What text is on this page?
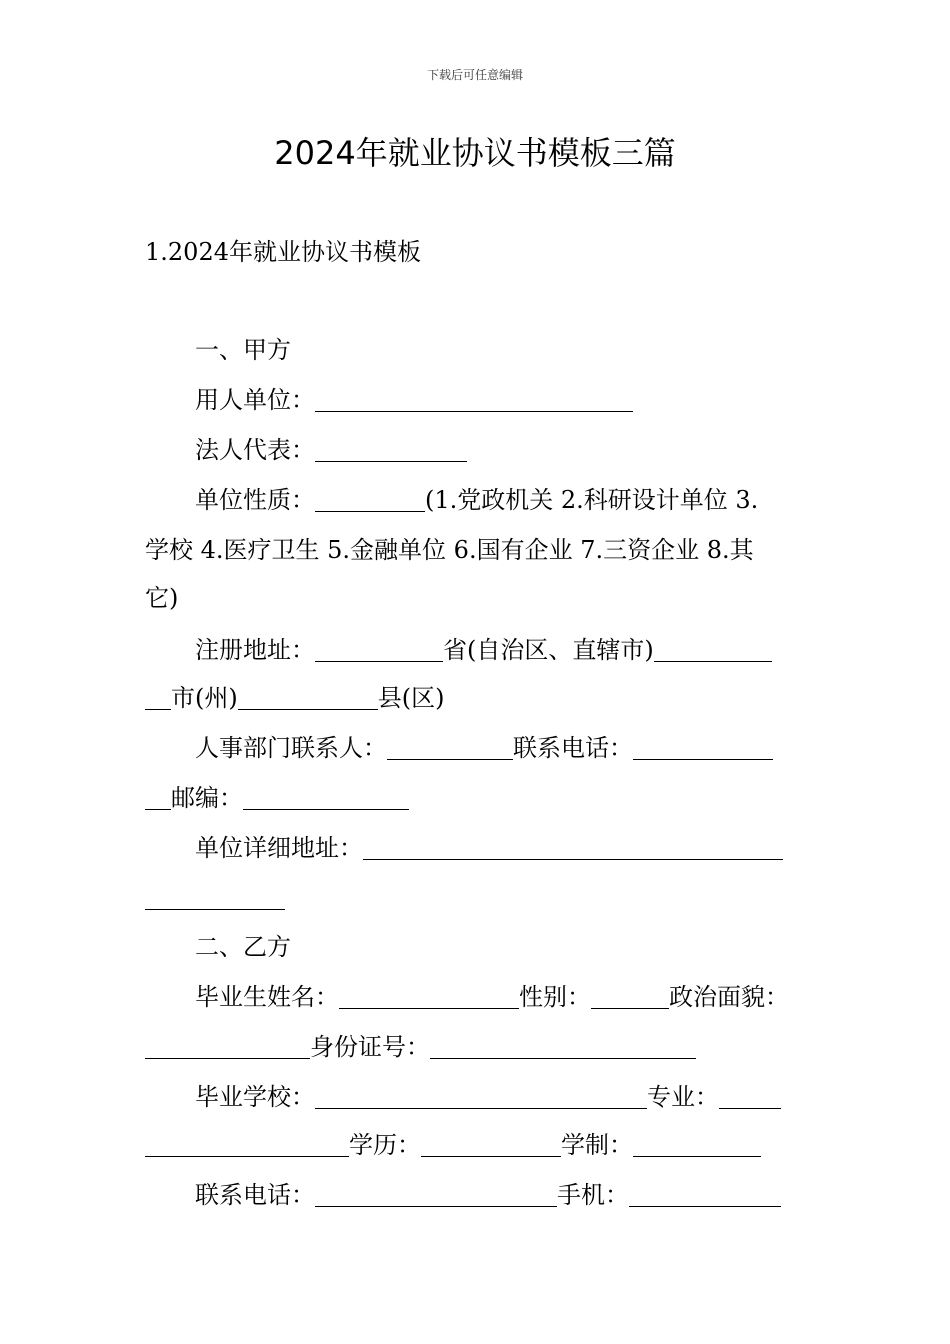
下载后可任意编辑
2024年就业协议书模板三篇
1.2024年就业协议书模板
一、甲方
用人单位：
法人代表：
单位性质：	(1.党政机关 2.科研设计单位 3.
学校 4.医疗卫生 5.金融单位 6.国有企业 7.三资企业 8.其
它)
注册地址：	省(自治区、直辖市)
市(州)	县(区)
人事部门联系人：	联系电话：
邮编：
单位详细地址：
二、乙方
毕业生姓名：	性别：	政治面貌：
身份证号：
毕业学校：	专业：
学历：	学制：
联系电话：	手机：
